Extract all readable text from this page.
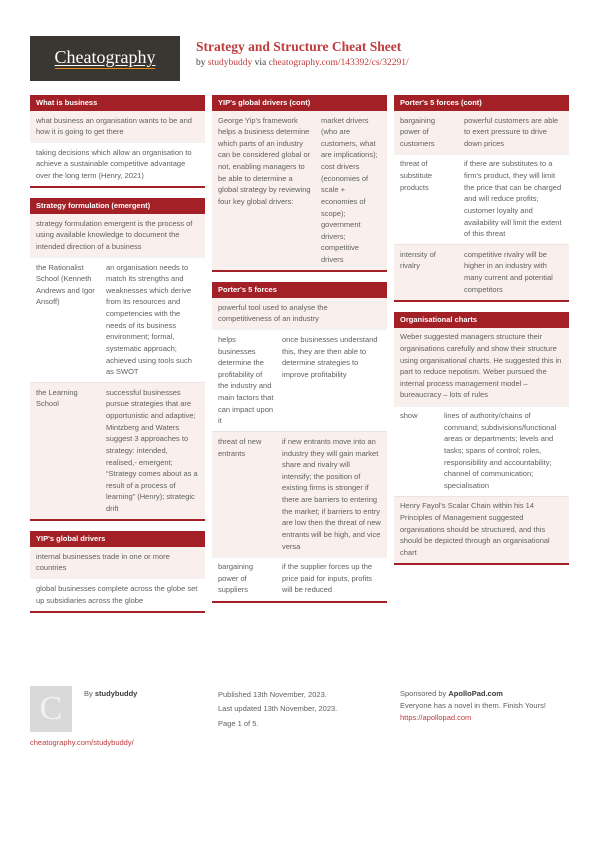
Cheatography
Strategy and Structure Cheat Sheet
by studybuddy via cheatography.com/143392/cs/32291/
What is business
what business an organisation wants to be and how it is going to get there
taking decisions which allow an organisation to achieve a sustainable competitive advantage over the long term (Henry, 2021)
Strategy formulation (emergent)
strategy formulation emergent is the process of using available knowledge to document the intended direction of a business
the Rationalist School (Kenneth Andrews and Igor Ansoff)
an organisation needs to match its strengths and weaknesses which derive from its resources and competencies with the needs of its business environment; formal, systematic approach; achieved using tools such as SWOT
the Learning School
successful businesses pursue strategies that are opportunistic and adaptive; Mintzberg and Waters suggest 3 approaches to strategy: intended, realised,- emergent; “Strategy comes about as a result of a process of learning” (Henry); strategic drift
YIP's global drivers
internal businesses trade in one or more countries
global businesses complete across the globe set up subsidiaries across the globe
YIP's global drivers (cont)
George Yip's framework helps a business determine which parts of an industry can be considered global or not, enabling managers to be able to determine a global strategy by reviewing four key global drivers:
market drivers (who are customers, what are implications); cost drivers (economies of scale + economies of scope); government drivers; competitive drivers
Porter's 5 forces
powerful tool used to analyse the competitiveness of an industry
helps businesses determine the profitability of the industry and main factors that can impact upon it
once businesses understand this, they are then able to determine strategies to improve profitability
threat of new entrants
if new entrants move into an industry they will gain market share and rivalry will intensify; the position of existing firms is stronger if there are barriers to entering the market; if barriers to entry are low then the threat of new entrants will be high, and vice versa
bargaining power of suppliers
if the supplier forces up the price paid for inputs, profits will be reduced
Porter's 5 forces (cont)
bargaining power of customers
powerful customers are able to exert pressure to drive down prices
threat of substitute products
if there are substitutes to a firm's product, they will limit the price that can be charged and will reduce profits; customer loyalty and availability will limit the extent of this threat
intensity of rivalry
competitive rivalry will be higher in an industry with many current and potential competitors
Organisational charts
Weber suggested managers structure their organisations carefully and show their structure using organisational charts. He suggested this in part to reduce nepotism. Weber pursued the internal process management model – bureaucracy – lots of rules
show	lines of authority/chains of command; subdivisions/functional areas or departments; levels and tasks; spans of control; roles, responsibility and accountability; channel of communication; specialisation
Henry Fayol's Scalar Chain within his 14 Principles of Management suggested organisations should be structured, and this should be depicted through an organisational chart
C	By studybuddy
cheatography.com/studybuddy/
Published 13th November, 2023.
Last updated 13th November, 2023.
Page 1 of 5.
Sponsored by ApolloPad.com
Everyone has a novel in them. Finish Yours!
https://apollopad.com
